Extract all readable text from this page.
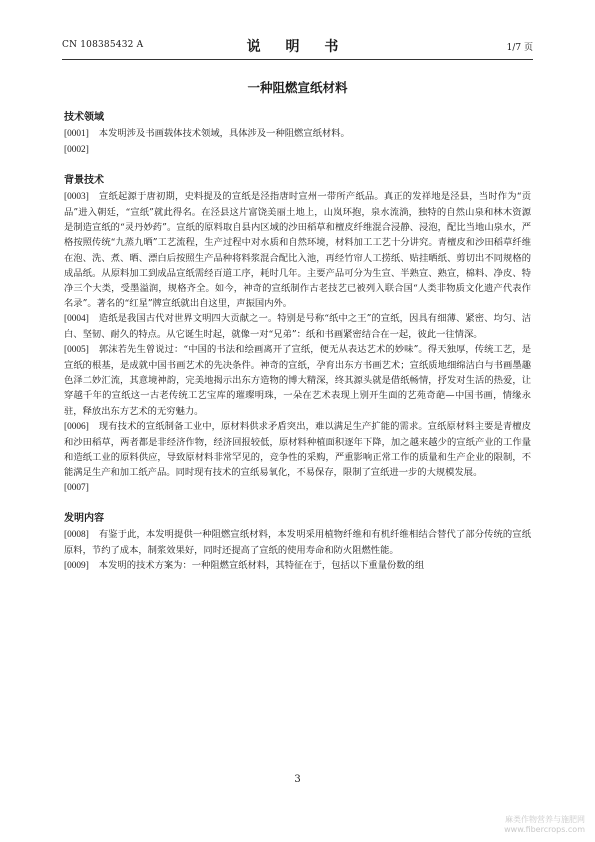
CN 108385432 A	说 明 书	1/7 页
一种阻燃宣纸材料
技术领域

[0001] 本发明涉及书画载体技术领域，具体涉及一种阻燃宣纸材料。

[0002]

背景技术

[0003] 宣纸起源于唐初期，史料提及的宣纸是泾指唐时宣州一带所产纸品。真正的发祥地是泾县，当时作为“贡品”进入朝廷，“宣纸”就此得名。在泾县这片富饶美丽土地上，山岚环抱，泉水流淌，独特的自然山泉和林木资源是制造宣纸的“灵丹妙药”。宣纸的原料取自县内区域的沙田稻草和檀皮纤维混合浸静、浸泡，配比当地山泉水，严格按照传统“九蒸九晒”工艺流程，生产过程中对水质和自然环境，材料加工工艺十分讲究。青檀皮和沙田稻草纤维在泡、洗、煮、晒、漂白后按照生产品种将料浆混合配比入池，再经竹帘人工捞纸、贴挂晒纸、剪切出不同规格的成品纸。从原料加工到成品宣纸需经百道工序，耗时几年。主要产品可分为生宣、半熟宣、熟宣，棉料、净皮、特净三个大类，受墨溢润，规格齐全。如今，神奇的宣纸制作古老技艺已被列入联合国“人类非物质文化遗产代表作名录”。著名的“红星”牌宣纸就出自这里，声振国内外。

[0004] 造纸是我国古代对世界文明四大贡献之一。特别是号称“纸中之王”的宣纸，因具有细薄、紧密、均匀、洁白、坚韧、耐久的特点。从它诞生时起，就像一对“兄弟”：纸和书画紧密结合在一起，彼此一往情深。

[0005] 郭沫若先生曾说过：“中国的书法和绘画离开了宣纸，便无从表达艺术的妙味”。得天独厚，传统工艺，是宣纸的根基，是成就中国书画艺术的先决条件。神奇的宣纸，孕育出东方书画艺术；宣纸质地细绵洁白与书画墨趣色泽二妙汇流，其意境神韵，完美地揭示出东方造物的博大精深，终其源头就是借纸畅情，抒发对生活的热爱，让穿越千年的宣纸这一古老传统工艺宝库的璀璨明珠，一朵在艺术表现上别开生面的艺苑奇葩—中国书画，情缘永驻，释放出东方艺术的无穷魅力。

[0006] 现有技术的宣纸制备工业中，原材料供求矛盾突出，难以满足生产扩能的需求。宣纸原材料主要是青檀皮和沙田稻草，两者都是非经济作物，经济回报较低，原材料种植面积逐年下降，加之越来越少的宣纸产业的工作量和造纸工业的原料供应，导致原材料非常罕见的，竞争性的采购，严重影响正常工作的质量和生产企业的限制，不能满足生产和加工纸产品。同时现有技术的宣纸易氧化，不易保存，限制了宣纸进一步的大规模发展。

[0007]

发明内容

[0008] 有鉴于此，本发明提供一种阻燃宣纸材料，本发明采用植物纤维和有机纤维相结合替代了部分传统的宣纸原料，节约了成本，制浆效果好，同时还提高了宣纸的使用寿命和防火阻燃性能。

[0009] 本发明的技术方案为：一种阻燃宣纸材料，其特征在于，包括以下重量份数的组

3
麻类作物营养与施肥网
www.fibercrops.com
